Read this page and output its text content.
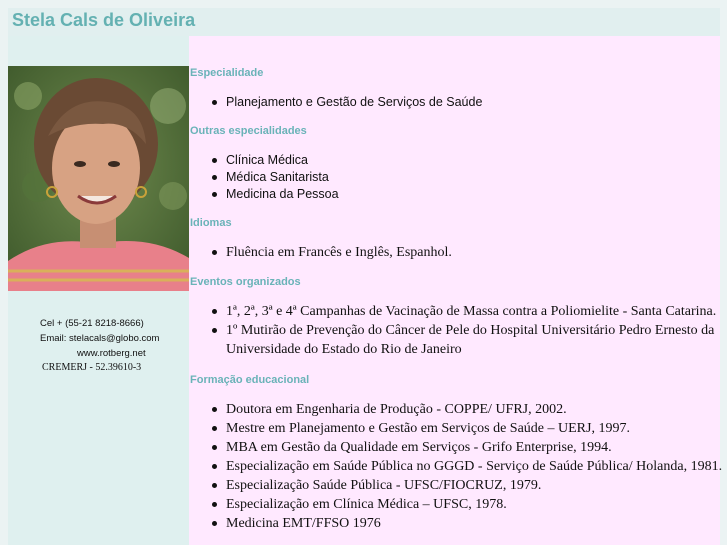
Stela Cals de Oliveira
Cel + (55-21 8218-8666)
Email: stelacals@globo.com
www.rotberg.net
CREMERJ - 52.39610-3
Especialidade
Planejamento e Gestão de Serviços de Saúde
Outras especialidades
Clínica Médica
Médica Sanitarista
Medicina da Pessoa
Idiomas
Fluência em Francês e Inglês, Espanhol.
Eventos organizados
1ª, 2ª, 3ª e 4ª Campanhas de Vacinação de Massa contra a Poliomielite - Santa Catarina.
1º Mutirão de Prevenção do Câncer de Pele do Hospital Universitário Pedro Ernesto da Universidade do Estado do Rio de Janeiro
Formação educacional
Doutora em Engenharia de Produção - COPPE/ UFRJ, 2002.
Mestre em Planejamento e Gestão em Serviços de Saúde – UERJ, 1997.
MBA em Gestão da Qualidade em Serviços - Grifo Enterprise, 1994.
Especialização em Saúde Pública no GGGD - Serviço de Saúde Pública/ Holanda, 1981.
Especialização Saúde Pública - UFSC/FIOCRUZ, 1979.
Especialização em Clínica Médica – UFSC, 1978.
Medicina EMT/FFSO 1976
